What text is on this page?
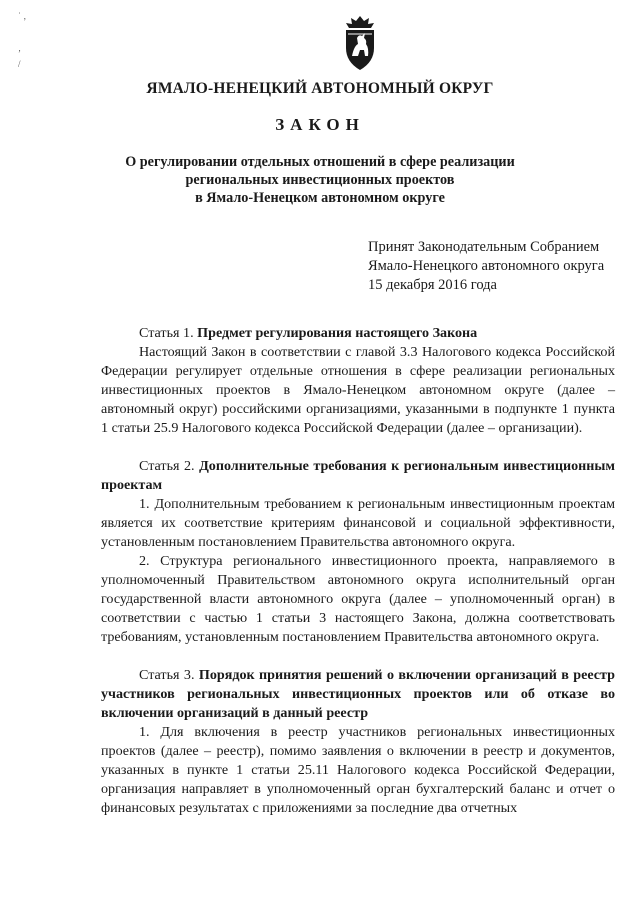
˙ ‚

‚
/
ЯМАЛО-НЕНЕЦКИЙ АВТОНОМНЫЙ ОКРУГ
ЗАКОН
О регулировании отдельных отношений в сфере реализации
региональных инвестиционных проектов
в Ямало-Ненецком автономном округе
Принят Законодательным Собранием
Ямало-Ненецкого автономного округа
15 декабря 2016 года

Статья 1. Предмет регулирования настоящего Закона

Настоящий Закон в соответствии с главой 3.3 Налогового кодекса Российской Федерации регулирует отдельные отношения в сфере реализации региональных инвестиционных проектов в Ямало-Ненецком автономном округе (далее – автономный округ) российскими организациями, указанными в подпункте 1 пункта 1 статьи 25.9 Налогового кодекса Российской Федерации (далее – организации).

Статья 2. Дополнительные требования к региональным инвестиционным проектам

1. Дополнительным требованием к региональным инвестиционным проектам является их соответствие критериям финансовой и социальной эффективности, установленным постановлением Правительства автономного округа.

2. Структура регионального инвестиционного проекта, направляемого в уполномоченный Правительством автономного округа исполнительный орган государственной власти автономного округа (далее – уполномоченный орган) в соответствии с частью 1 статьи 3 настоящего Закона, должна соответствовать требованиям, установленным постановлением Правительства автономного округа.

Статья 3. Порядок принятия решений о включении организаций в реестр участников региональных инвестиционных проектов или об отказе во включении организаций в данный реестр

1. Для включения в реестр участников региональных инвестиционных проектов (далее – реестр), помимо заявления о включении в реестр и документов, указанных в пункте 1 статьи 25.11 Налогового кодекса Российской Федерации, организация направляет в уполномоченный орган бухгалтерский баланс и отчет о финансовых результатах с приложениями за последние два отчетных
